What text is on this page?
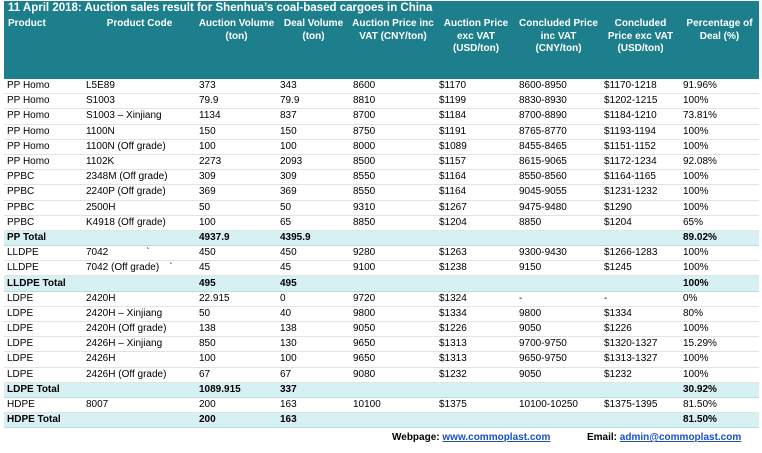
11 April 2018: Auction sales result for Shenhua’s coal-based cargoes in China
Product	Product Code	Auction Volume (ton)	Deal Volume (ton)	Auction Price inc VAT (CNY/ton)	Auction Price exc VAT (USD/ton)	Concluded Price inc VAT (CNY/ton)	Concluded Price exc VAT (USD/ton)	Percentage of Deal (%)
PP Homo	L5E89	373	343	8600	$1170	8600-8950	$1170-1218	91.96%
PP Homo	S1003	79.9	79.9	8810	$1199	8830-8930	$1202-1215	100%
PP Homo	S1003 – Xinjiang	1134	837	8700	$1184	8700-8890	$1184-1210	73.81%
PP Homo	1100N	150	150	8750	$1191	8765-8770	$1193-1194	100%
PP Homo	1100N (Off grade)	100	100	8000	$1089	8455-8465	$1151-1152	100%
PP Homo	1102K	2273	2093	8500	$1157	8615-9065	$1172-1234	92.08%
PPBC	2348M (Off grade)	309	309	8550	$1164	8550-8560	$1164-1165	100%
PPBC	2240P (Off grade)	369	369	8550	$1164	9045-9055	$1231-1232	100%
PPBC	2500H	50	50	9310	$1267	9475-9480	$1290	100%
PPBC	K4918 (Off grade)	100	65	8850	$1204	8850	$1204	65%
PP Total		4937.9	4395.9					89.02%
LLDPE	7042 `	450	450	9280	$1263	9300-9430	$1266-1283	100%
LLDPE	7042 (Off grade) `	45	45	9100	$1238	9150	$1245	100%
LLDPE Total		495	495					100%
LDPE	2420H	22.915	0	9720	$1324	-	-	0%
LDPE	2420H – Xinjiang	50	40	9800	$1334	9800	$1334	80%
LDPE	2420H (Off grade)	138	138	9050	$1226	9050	$1226	100%
LDPE	2426H – Xinjiang	850	130	9650	$1313	9700-9750	$1320-1327	15.29%
LDPE	2426H	100	100	9650	$1313	9650-9750	$1313-1327	100%
LDPE	2426H (Off grade)	67	67	9080	$1232	9050	$1232	100%
LDPE Total		1089.915	337					30.92%
HDPE	8007	200	163	10100	$1375	10100-10250	$1375-1395	81.50%
HDPE Total		200	163					81.50%
Webpage: www.commoplast.com	Email: admin@commoplast.com
